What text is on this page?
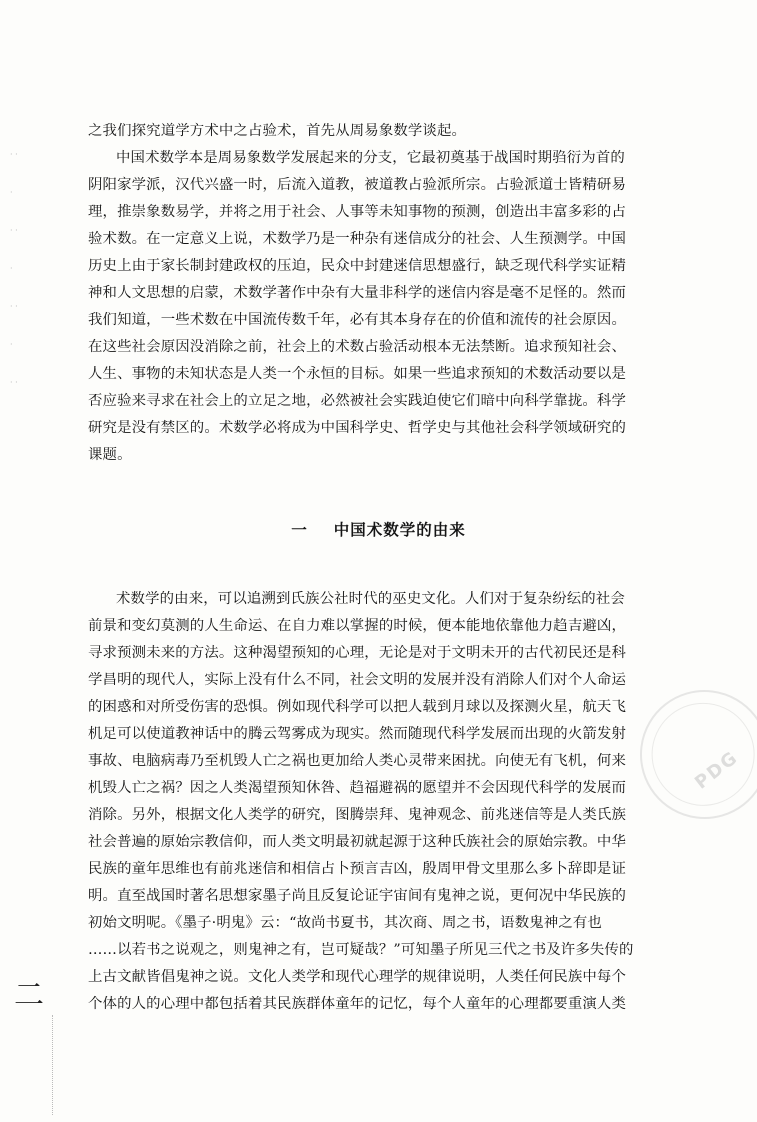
· ·
·
· ·
·
· ·
·
· ·
之我们探究道学方术中之占验术，首先从周易象数学谈起。
中国术数学本是周易象数学发展起来的分支，它最初奠基于战国时期驺衍为首的
阴阳家学派，汉代兴盛一时，后流入道教，被道教占验派所宗。占验派道士皆精研易
理，推崇象数易学，并将之用于社会、人事等未知事物的预测，创造出丰富多彩的占
验术数。在一定意义上说，术数学乃是一种杂有迷信成分的社会、人生预测学。中国
历史上由于家长制封建政权的压迫，民众中封建迷信思想盛行，缺乏现代科学实证精
神和人文思想的启蒙，术数学著作中杂有大量非科学的迷信内容是毫不足怪的。然而
我们知道，一些术数在中国流传数千年，必有其本身存在的价值和流传的社会原因。
在这些社会原因没消除之前，社会上的术数占验活动根本无法禁断。追求预知社会、
人生、事物的未知状态是人类一个永恒的目标。如果一些追求预知的术数活动要以是
否应验来寻求在社会上的立足之地，必然被社会实践迫使它们暗中向科学靠拢。科学
研究是没有禁区的。术数学必将成为中国科学史、哲学史与其他社会科学领域研究的
课题。
一 中国术数学的由来
术数学的由来，可以追溯到氏族公社时代的巫史文化。人们对于复杂纷纭的社会
前景和变幻莫测的人生命运、在自力难以掌握的时候，便本能地依靠他力趋吉避凶，
寻求预测未来的方法。这种渴望预知的心理，无论是对于文明未开的古代初民还是科
学昌明的现代人，实际上没有什么不同，社会文明的发展并没有消除人们对个人命运
的困惑和对所受伤害的恐惧。例如现代科学可以把人载到月球以及探测火星，航天飞
机足可以使道教神话中的腾云驾雾成为现实。然而随现代科学发展而出现的火箭发射
事故、电脑病毒乃至机毁人亡之祸也更加给人类心灵带来困扰。向使无有飞机，何来
机毁人亡之祸？因之人类渴望预知休咎、趋福避祸的愿望并不会因现代科学的发展而
消除。另外，根据文化人类学的研究，图腾崇拜、鬼神观念、前兆迷信等是人类氏族
社会普遍的原始宗教信仰，而人类文明最初就起源于这种氏族社会的原始宗教。中华
民族的童年思维也有前兆迷信和相信占卜预言吉凶，殷周甲骨文里那么多卜辞即是证
明。直至战国时著名思想家墨子尚且反复论证宇宙间有鬼神之说，更何况中华民族的
初始文明呢。《墨子·明鬼》云：“故尚书夏书，其次商、周之书，语数鬼神之有也
……以若书之说观之，则鬼神之有，岂可疑哉？”可知墨子所见三代之书及许多失传的
上古文献皆倡鬼神之说。文化人类学和现代心理学的规律说明，人类任何民族中每个
个体的人的心理中都包括着其民族群体童年的记忆，每个人童年的心理都要重演人类
二
PDG
